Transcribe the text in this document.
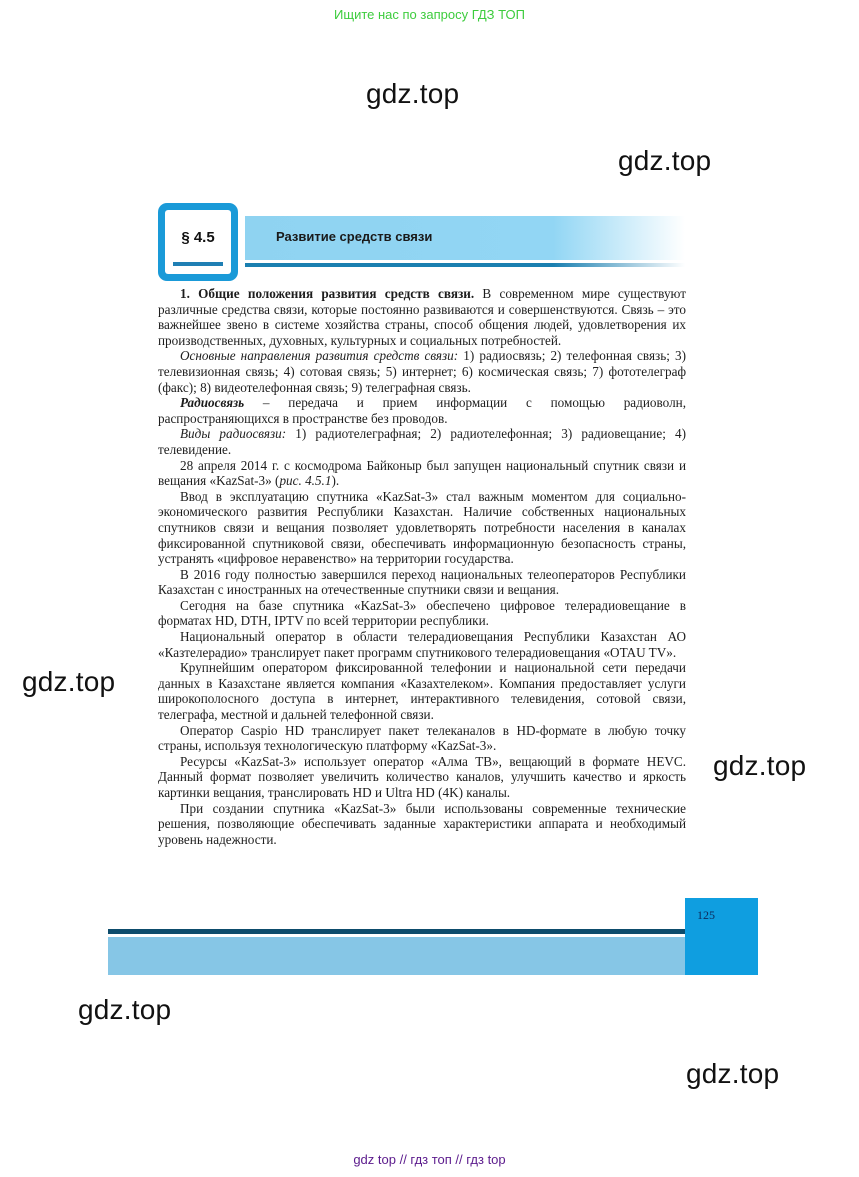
Ищите нас по запросу ГДЗ ТОП
gdz.top
gdz.top
gdz.top
gdz.top
gdz.top
gdz.top
§ 4.5	Развитие средств связи

1. Общие положения развития средств связи. В современном мире существуют различные средства связи, которые постоянно развиваются и совершенствуются. Связь – это важнейшее звено в системе хозяйства страны, способ общения людей, удовлетворения их производственных, духовных, культурных и социальных потребностей.

Основные направления развития средств связи: 1) радиосвязь; 2) телефонная связь; 3) телевизионная связь; 4) сотовая связь; 5) интернет; 6) космическая связь; 7) фототелеграф (факс); 8) видеотелефонная связь; 9) телеграфная связь.

Радиосвязь – передача и прием информации с помощью радиоволн, распространяющихся в пространстве без проводов.

Виды радиосвязи: 1) радиотелеграфная; 2) радиотелефонная; 3) радиовещание; 4) телевидение.

28 апреля 2014 г. с космодрома Байконыр был запущен национальный спутник связи и вещания «KazSat-3» (рис. 4.5.1).

Ввод в эксплуатацию спутника «KazSat-3» стал важным моментом для социально-экономического развития Республики Казахстан. Наличие собственных национальных спутников связи и вещания позволяет удовлетворять потребности населения в каналах фиксированной спутниковой связи, обеспечивать информационную безопасность страны, устранять «цифровое неравенство» на территории государства.

В 2016 году полностью завершился переход национальных телеоператоров Республики Казахстан с иностранных на отечественные спутники связи и вещания.

Сегодня на базе спутника «KazSat-3» обеспечено цифровое телерадиовещание в форматах HD, DTH, IPTV по всей территории республики.

Национальный оператор в области телерадиовещания Республики Казахстан АО «Казтелерадио» транслирует пакет программ спутникового телерадиовещания «OTAU TV».

Крупнейшим оператором фиксированной телефонии и национальной сети передачи данных в Казахстане является компания «Казахтелеком». Компания предоставляет услуги широкополосного доступа в интернет, интерактивного телевидения, сотовой связи, телеграфа, местной и дальней телефонной связи.

Оператор Caspio HD транслирует пакет телеканалов в HD-формате в любую точку страны, используя технологическую платформу «KazSat-3».

Ресурсы «KazSat-3» использует оператор «Алма ТВ», вещающий в формате HEVC. Данный формат позволяет увеличить количество каналов, улучшить качество и яркость картинки вещания, транслировать HD и Ultra HD (4K) каналы.

При создании спутника «KazSat-3» были использованы современные технические решения, позволяющие обеспечивать заданные характеристики аппарата и необходимый уровень надежности.

125
gdz top // гдз топ // гдз top
